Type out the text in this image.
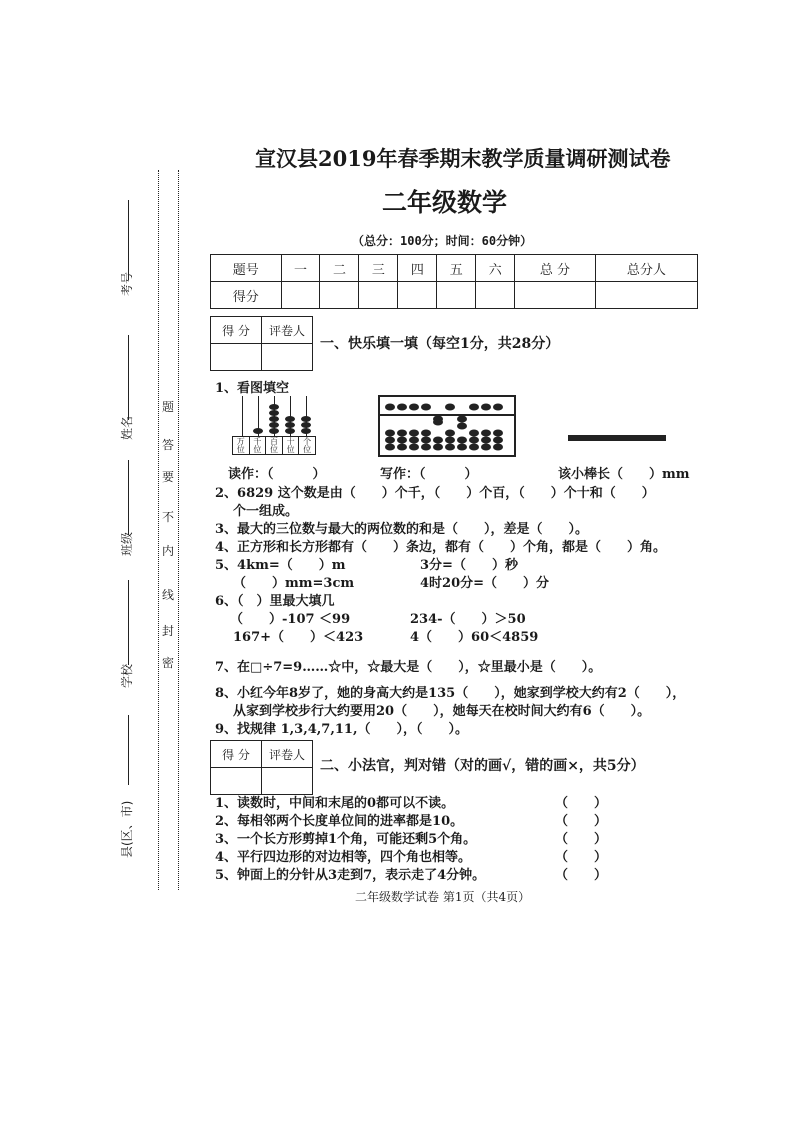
考号
姓名
班级
学校
县(区、市)
题
答
要
不
内
线
封
密
宣汉县2019年春季期末教学质量调研测试卷
二年级数学
（总分：100分；时间：60分钟）
题号	一	二	三	四	五	六	总 分	总分人
得分								
得 分	评卷人

一、快乐填一填（每空1分，共28分）
1、看图填空
万
位
千
位
百
位
十
位
个
位
读作：（　　　）	写作：（　　　）	该小棒长（　　）mm
2、6829 这个数是由（　　）个千，（　　）个百，（　　）个十和（　　）
个一组成。
3、最大的三位数与最大的两位数的和是（　　），差是（　　）。
4、正方形和长方形都有（　　）条边，都有（　　）个角，都是（　　）角。
5、4km=（　　）m	3分=（　　）秒
（　　）mm=3cm	4时20分=（　　）分
6、（　）里最大填几
（　　）-107 ＜99	234-（　　）＞50
167+（　　）＜423	4（　　）60＜4859
7、在□÷7=9……☆中，☆最大是（　　），☆里最小是（　　）。
8、小红今年8岁了，她的身高大约是135（　　），她家到学校大约有2（　　），
从家到学校步行大约要用20（　　），她每天在校时间大约有6（　　）。
9、找规律 1,3,4,7,11,（　　），（　　）。
得 分	评卷人

二、小法官，判对错（对的画√，错的画×，共5分）
1、读数时，中间和末尾的0都可以不读。	（　　）
2、每相邻两个长度单位间的进率都是10。	（　　）
3、一个长方形剪掉1个角，可能还剩5个角。	（　　）
4、平行四边形的对边相等，四个角也相等。	（　　）
5、钟面上的分针从3走到7，表示走了4分钟。	（　　）
二年级数学试卷 第1页（共4页）
